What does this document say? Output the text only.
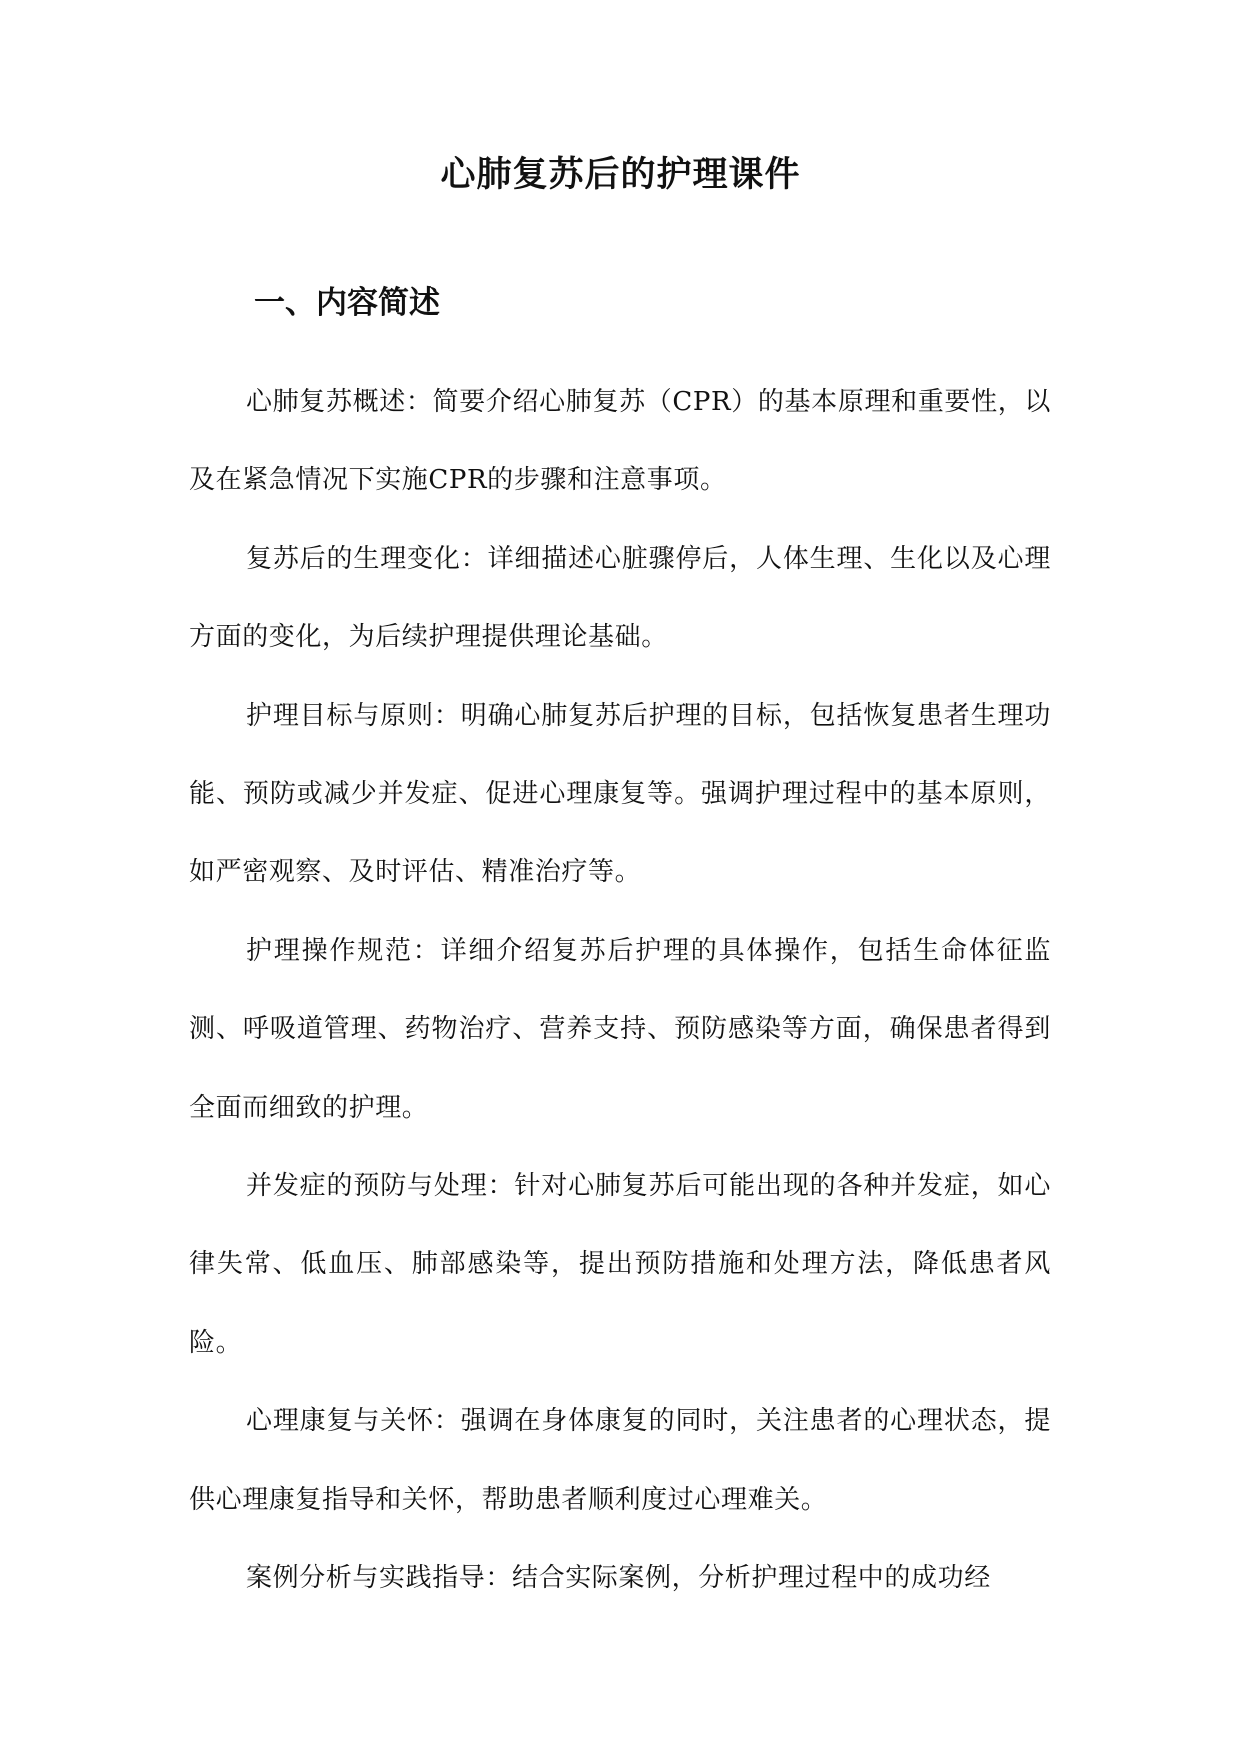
心肺复苏后的护理课件
一、内容简述

心肺复苏概述：简要介绍心肺复苏（CPR）的基本原理和重要性，以及在紧急情况下实施CPR的步骤和注意事项。

复苏后的生理变化：详细描述心脏骤停后，人体生理、生化以及心理方面的变化，为后续护理提供理论基础。

护理目标与原则：明确心肺复苏后护理的目标，包括恢复患者生理功能、预防或减少并发症、促进心理康复等。强调护理过程中的基本原则，如严密观察、及时评估、精准治疗等。

护理操作规范：详细介绍复苏后护理的具体操作，包括生命体征监测、呼吸道管理、药物治疗、营养支持、预防感染等方面，确保患者得到全面而细致的护理。

并发症的预防与处理：针对心肺复苏后可能出现的各种并发症，如心律失常、低血压、肺部感染等，提出预防措施和处理方法，降低患者风险。

心理康复与关怀：强调在身体康复的同时，关注患者的心理状态，提供心理康复指导和关怀，帮助患者顺利度过心理难关。

案例分析与实践指导：结合实际案例，分析护理过程中的成功经
